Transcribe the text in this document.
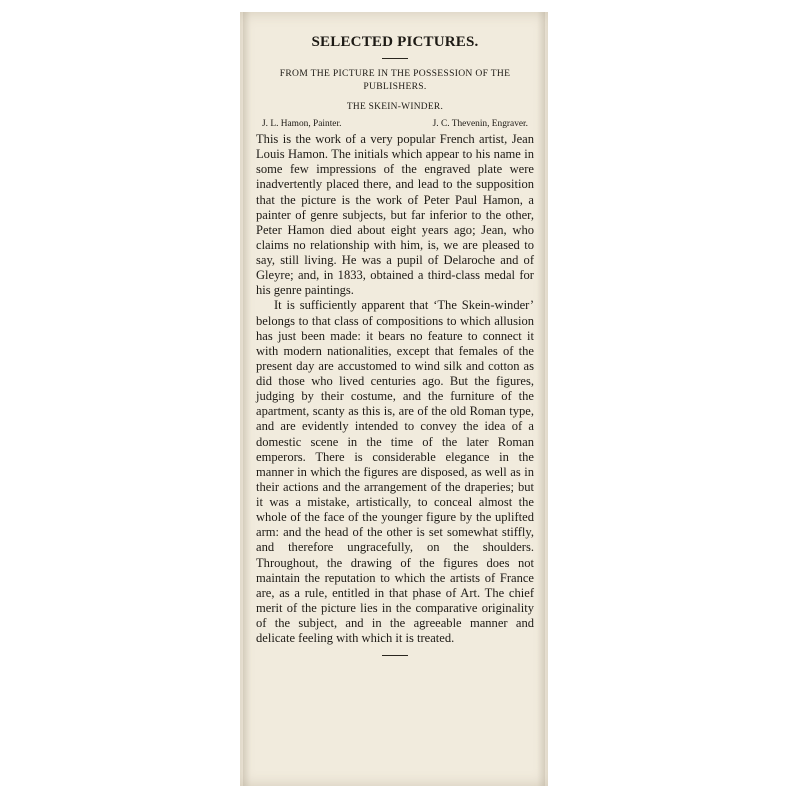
SELECTED PICTURES.

FROM THE PICTURE IN THE POSSESSION OF THE PUBLISHERS.

THE SKEIN-WINDER.

J. L. Hamon, Painter.	J. C. Thevenin, Engraver.

This is the work of a very popular French artist, Jean Louis Hamon. The initials which appear to his name in some few impressions of the engraved plate were inadvertently placed there, and lead to the supposition that the picture is the work of Peter Paul Hamon, a painter of genre subjects, but far inferior to the other, Peter Hamon died about eight years ago; Jean, who claims no relationship with him, is, we are pleased to say, still living. He was a pupil of Delaroche and of Gleyre; and, in 1833, obtained a third-class medal for his genre paintings.

It is sufficiently apparent that ‘The Skein-winder’ belongs to that class of compositions to which allusion has just been made: it bears no feature to connect it with modern nationalities, except that females of the present day are accustomed to wind silk and cotton as did those who lived centuries ago. But the figures, judging by their costume, and the furniture of the apartment, scanty as this is, are of the old Roman type, and are evidently intended to convey the idea of a domestic scene in the time of the later Roman emperors. There is considerable elegance in the manner in which the figures are disposed, as well as in their actions and the arrangement of the draperies; but it was a mistake, artistically, to conceal almost the whole of the face of the younger figure by the uplifted arm: and the head of the other is set somewhat stiffly, and therefore ungracefully, on the shoulders. Throughout, the drawing of the figures does not maintain the reputation to which the artists of France are, as a rule, entitled in that phase of Art. The chief merit of the picture lies in the comparative originality of the subject, and in the agreeable manner and delicate feeling with which it is treated.
